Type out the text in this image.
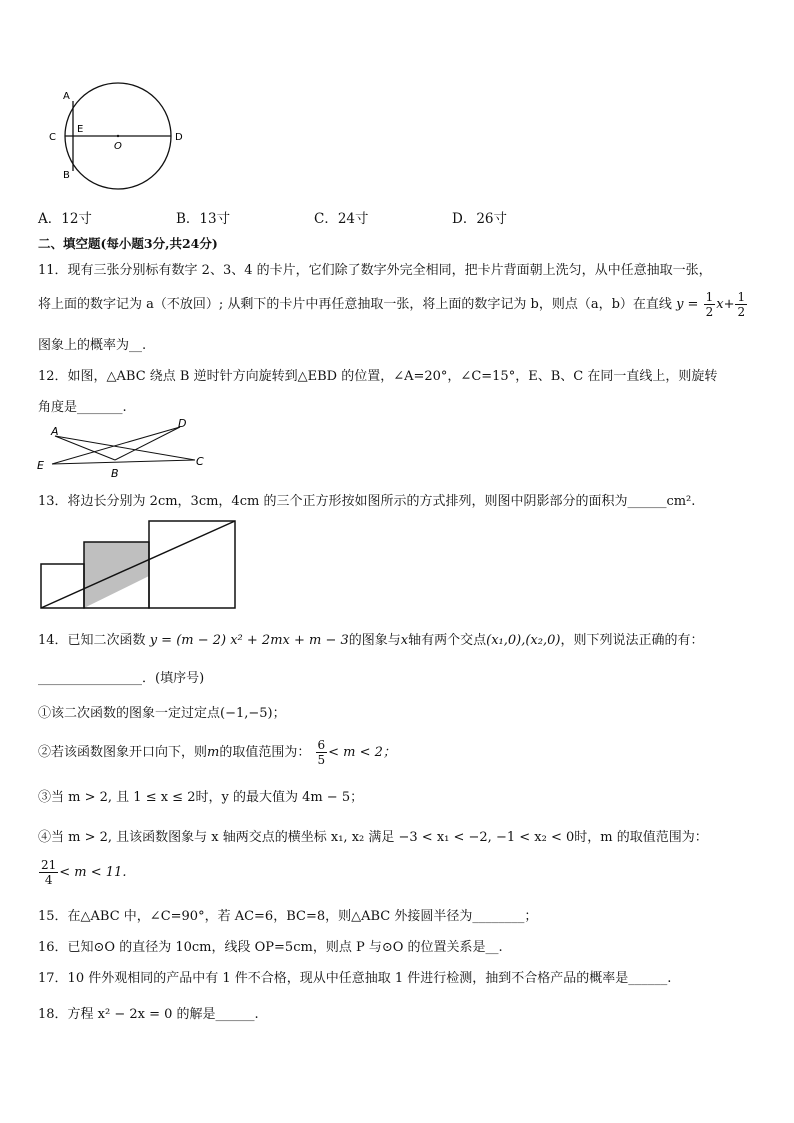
A
B
C	D
E
O
A．12寸	B．13寸	C．24寸	D．26寸
二、填空题(每小题3分,共24分)
11．现有三张分别标有数字 2、3、4 的卡片，它们除了数字外完全相同，把卡片背面朝上洗匀，从中任意抽取一张，
将上面的数字记为 a（不放回）; 从剩下的卡片中再任意抽取一张，将上面的数字记为 b，则点（a，b）在直线 $y = \frac{1}{2} x+ \frac{1}{2}$
图象上的概率为__.
12．如图，△ABC 绕点 B 逆时针方向旋转到△EBD 的位置，∠A=20°，∠C=15°，E、B、C 在同一直线上，则旋转
角度是_______.
A
B
C
D
E
13．将边长分别为 2cm，3cm，4cm 的三个正方形按如图所示的方式排列，则图中阴影部分的面积为______cm².
14．已知二次函数 y = (m − 2) x² + 2mx + m − 3的图象与x轴有两个交点(x₁,0),(x₂,0)，则下列说法正确的有：
________________．(填序号)
①该二次函数的图象一定过定点(−1,−5)；
②若该函数图象开口向下，则m的取值范围为： $\frac{6}{5} < m < 2$；
③当 m > 2, 且 1 ≤ x ≤ 2时，y 的最大值为 4m − 5；
④当 m > 2, 且该函数图象与 x 轴两交点的横坐标 x₁, x₂ 满足 −3 < x₁ < −2, −1 < x₂ < 0时，m 的取值范围为：
$\frac{21}{4} < m < 11$.
15．在△ABC 中，∠C=90°，若 AC=6，BC=8，则△ABC 外接圆半径为________；
16．已知⊙O 的直径为 10cm，线段 OP=5cm，则点 P 与⊙O 的位置关系是__.
17．10 件外观相同的产品中有 1 件不合格，现从中任意抽取 1 件进行检测，抽到不合格产品的概率是______.
18．方程 x² − 2x = 0 的解是______.
